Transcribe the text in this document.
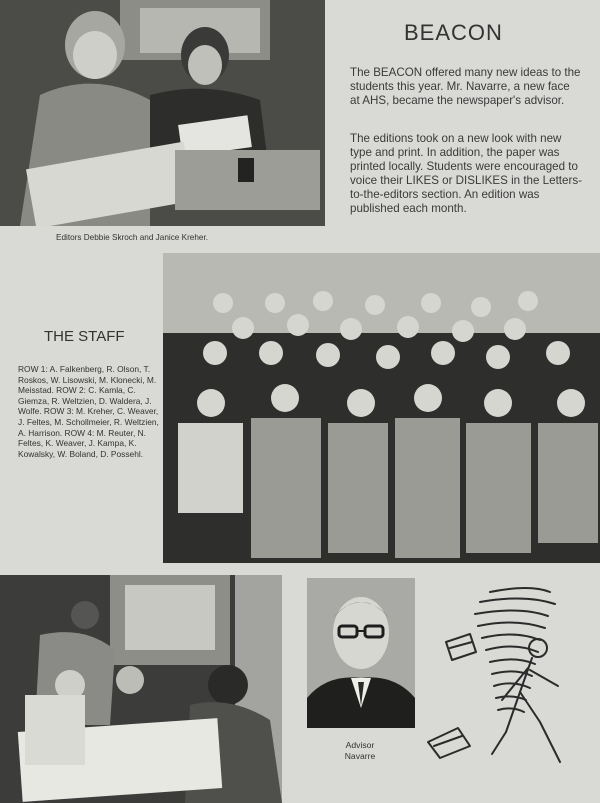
BEACON
The BEACON offered many new ideas to the students this year. Mr. Navarre, a new face at AHS, became the newspaper's advisor.
The editions took on a new look with new type and print. In addition, the paper was printed locally. Students were encouraged to voice their LIKES or DISLIKES in the Letters-to-the-editors section. An edition was published each month.
Editors Debbie Skroch and Janice Kreher.
THE STAFF

ROW 1: A. Falkenberg, R. Olson, T. Roskos, W. Lisowski, M. Klonecki, M. Meisstad. ROW 2: C. Kamla, C. Giemza, R. Weltzien, D. Waldera, J. Wolfe. ROW 3: M. Kreher, C. Weaver, J. Feltes, M. Schollmeier, R. Weltzien, A. Harrison. ROW 4: M. Reuter, N. Feltes, K. Weaver, J. Kampa, K. Kowalsky, W. Boland, D. Possehl.

Advisor Navarre
